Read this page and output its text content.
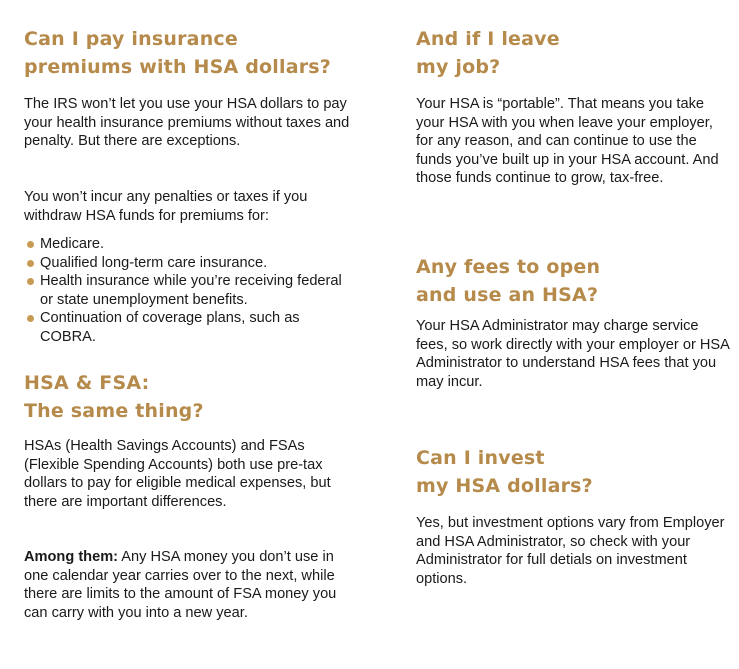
Can I pay insurance
premiums with HSA dollars?

The IRS won’t let you use your HSA dollars to pay your health insurance premiums without taxes and penalty. But there are exceptions.

You won’t incur any penalties or taxes if you withdraw HSA funds for premiums for:

Medicare.
Qualified long-term care insurance.
Health insurance while you’re receiving federal or state unemployment benefits.
Continuation of coverage plans, such as COBRA.
HSA & FSA:
The same thing?

HSAs (Health Savings Accounts) and FSAs (Flexible Spending Accounts) both use pre-tax dollars to pay for eligible medical expenses, but there are important differences.

Among them: Any HSA money you don’t use in one calendar year carries over to the next, while there are limits to the amount of FSA money you can carry with you into a new year.

And if I leave
my job?

Your HSA is “portable”. That means you take your HSA with you when leave your employer, for any reason, and can continue to use the funds you’ve built up in your HSA account. And those funds continue to grow, tax-free.

Any fees to open
and use an HSA?

Your HSA Administrator may charge service fees, so work directly with your employer or HSA Administrator to understand HSA fees that you may incur.

Can I invest
my HSA dollars?

Yes, but investment options vary from Employer and HSA Administrator, so check with your Administrator for full detials on investment options.
